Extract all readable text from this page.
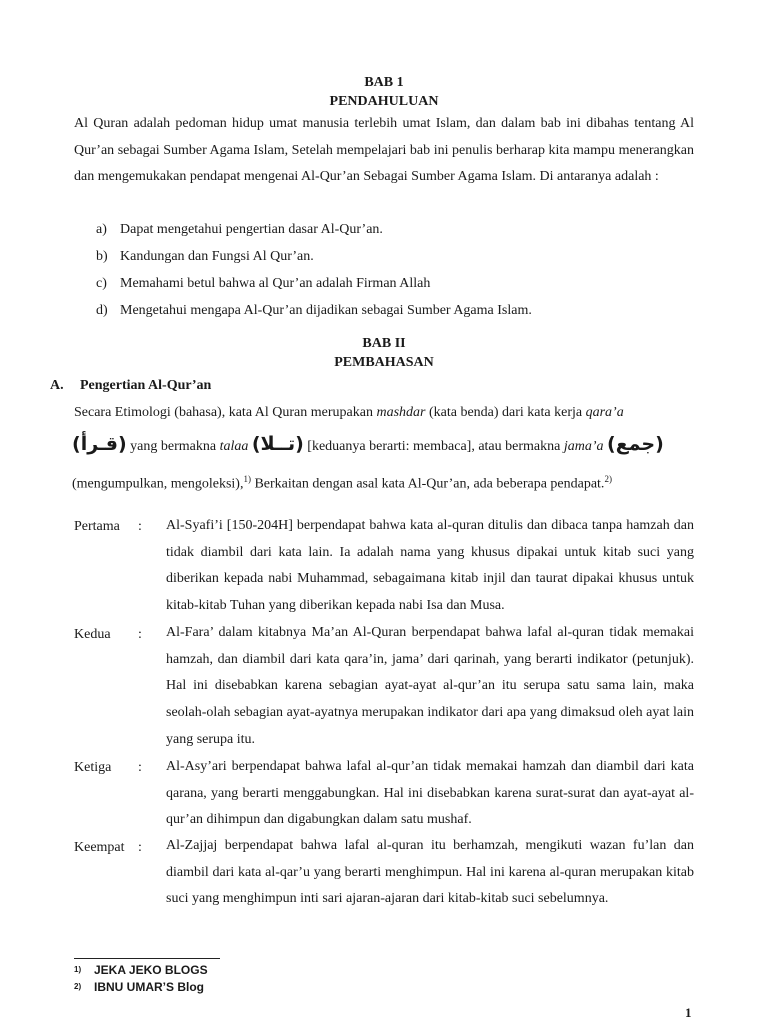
BAB 1
PENDAHULUAN
Al Quran adalah pedoman hidup umat manusia terlebih umat Islam, dan dalam bab ini dibahas tentang Al Qur’an sebagai Sumber Agama Islam, Setelah mempelajari bab ini penulis berharap kita mampu menerangkan dan mengemukakan pendapat mengenai Al-Qur’an Sebagai Sumber Agama Islam. Di antaranya adalah :
a) Dapat mengetahui pengertian dasar Al-Qur’an.
b) Kandungan dan Fungsi Al Qur’an.
c) Memahami betul bahwa al Qur’an adalah Firman Allah
d) Mengetahui mengapa Al-Qur’an dijadikan sebagai Sumber Agama Islam.
BAB II
PEMBAHASAN
A. Pengertian Al-Qur’an
Secara Etimologi (bahasa), kata Al Quran merupakan mashdar (kata benda) dari kata kerja qara’a
(قـرأ) yang bermakna talaa (تــلا) [keduanya berarti: membaca], atau bermakna jama’a (جمع)
(mengumpulkan, mengoleksi),$^{1)}$ Berkaitan dengan asal kata Al-Qur’an, ada beberapa pendapat.$^{2)}$
Pertama : Al-Syafi’i [150-204H] berpendapat bahwa kata al-quran ditulis dan dibaca tanpa hamzah dan tidak diambil dari kata lain. Ia adalah nama yang khusus dipakai untuk kitab suci yang diberikan kepada nabi Muhammad, sebagaimana kitab injil dan taurat dipakai khusus untuk kitab-kitab Tuhan yang diberikan kepada nabi Isa dan Musa.
Kedua : Al-Fara’ dalam kitabnya Ma’an Al-Quran berpendapat bahwa lafal al-quran tidak memakai hamzah, dan diambil dari kata qara’in, jama’ dari qarinah, yang berarti indikator (petunjuk). Hal ini disebabkan karena sebagian ayat-ayat al-qur’an itu serupa satu sama lain, maka seolah-olah sebagian ayat-ayatnya merupakan indikator dari apa yang dimaksud oleh ayat lain yang serupa itu.
Ketiga : Al-Asy’ari berpendapat bahwa lafal al-qur’an tidak memakai hamzah dan diambil dari kata qarana, yang berarti menggabungkan. Hal ini disebabkan karena surat-surat dan ayat-ayat al-qur’an dihimpun dan digabungkan dalam satu mushaf.
Keempat : Al-Zajjaj berpendapat bahwa lafal al-quran itu berhamzah, mengikuti wazan fu’lan dan diambil dari kata al-qar’u yang berarti menghimpun. Hal ini karena al-quran merupakan kitab suci yang menghimpun inti sari ajaran-ajaran dari kitab-kitab suci sebelumnya.
$^{1)}$ JEKA JEKO BLOGS
$^{2)}$ IBNU UMAR’S Blog
1
